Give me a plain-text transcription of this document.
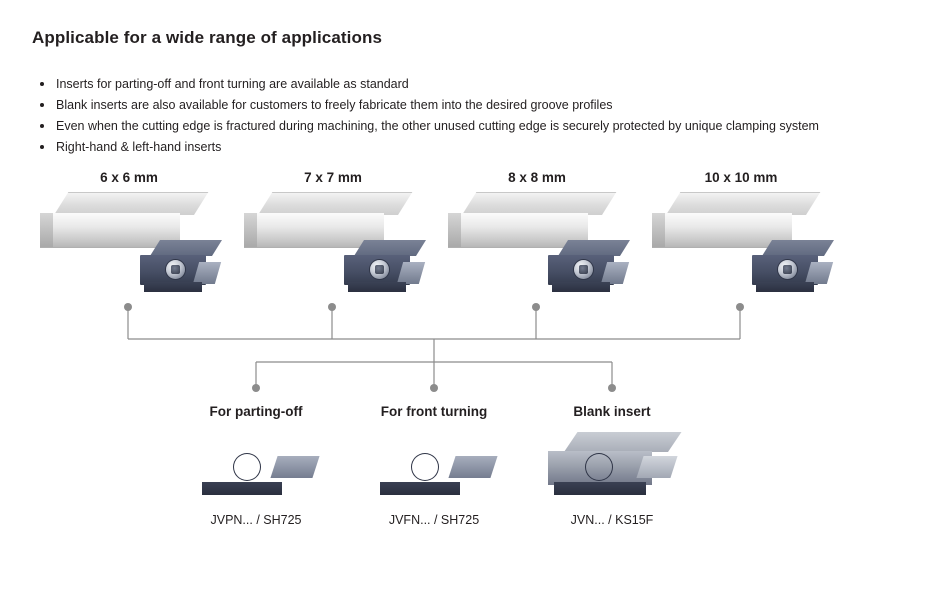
Applicable for a wide range of applications
Inserts for parting-off and front turning are available as standard
Blank inserts are also available for customers to freely fabricate them into the desired groove profiles
Even when the cutting edge is fractured during machining, the other unused cutting edge is securely protected by unique clamping system
Right-hand & left-hand inserts
6 x 6 mm	7 x 7 mm	8 x 8 mm	10 x 10 mm
For parting-off
JVPN... / SH725
For front turning
JVFN... / SH725
Blank insert
JVN... / KS15F
